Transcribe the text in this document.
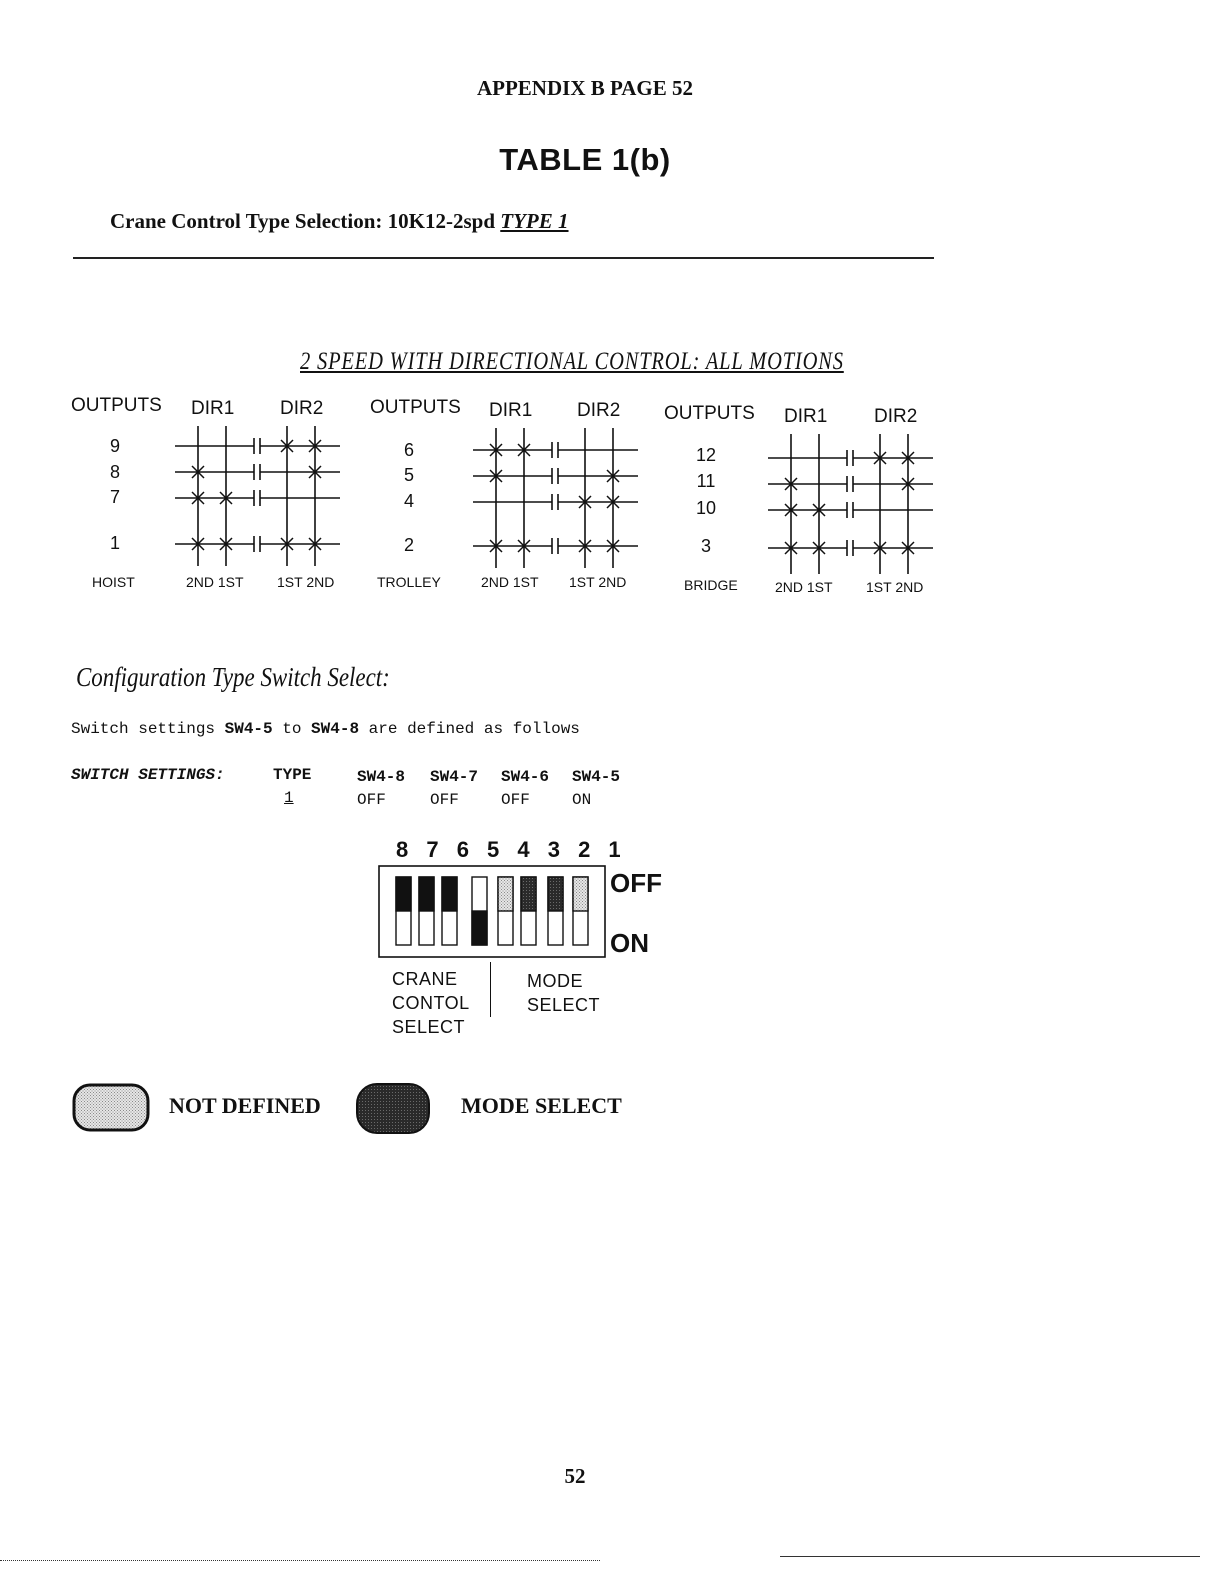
APPENDIX B PAGE 52
TABLE 1(b)
Crane Control Type Selection: 10K12-2spd TYPE 1
2 SPEED WITH DIRECTIONAL CONTROL: ALL MOTIONS
OUTPUTS DIR1 DIR2
9
8
7
1
HOIST	2ND 1ST 1ST 2ND
OUTPUTS DIR1 DIR2
6
5
4
2
TROLLEY	2ND 1ST 1ST 2ND
OUTPUTS DIR1 DIR2
12
11
10
3
BRIDGE	2ND 1ST 1ST 2ND
Configuration Type Switch Select:
Switch settings SW4-5 to SW4-8 are defined as follows
SWITCH SETTINGS:	TYPE
1
SW4-8 SW4-7 SW4-6 SW4-5
OFF	OFF	OFF	ON
8 7 6 5 4 3 2 1
OFF
ON
CRANE
CONTOL
SELECT
MODE
SELECT
NOT DEFINED	MODE SELECT
52
